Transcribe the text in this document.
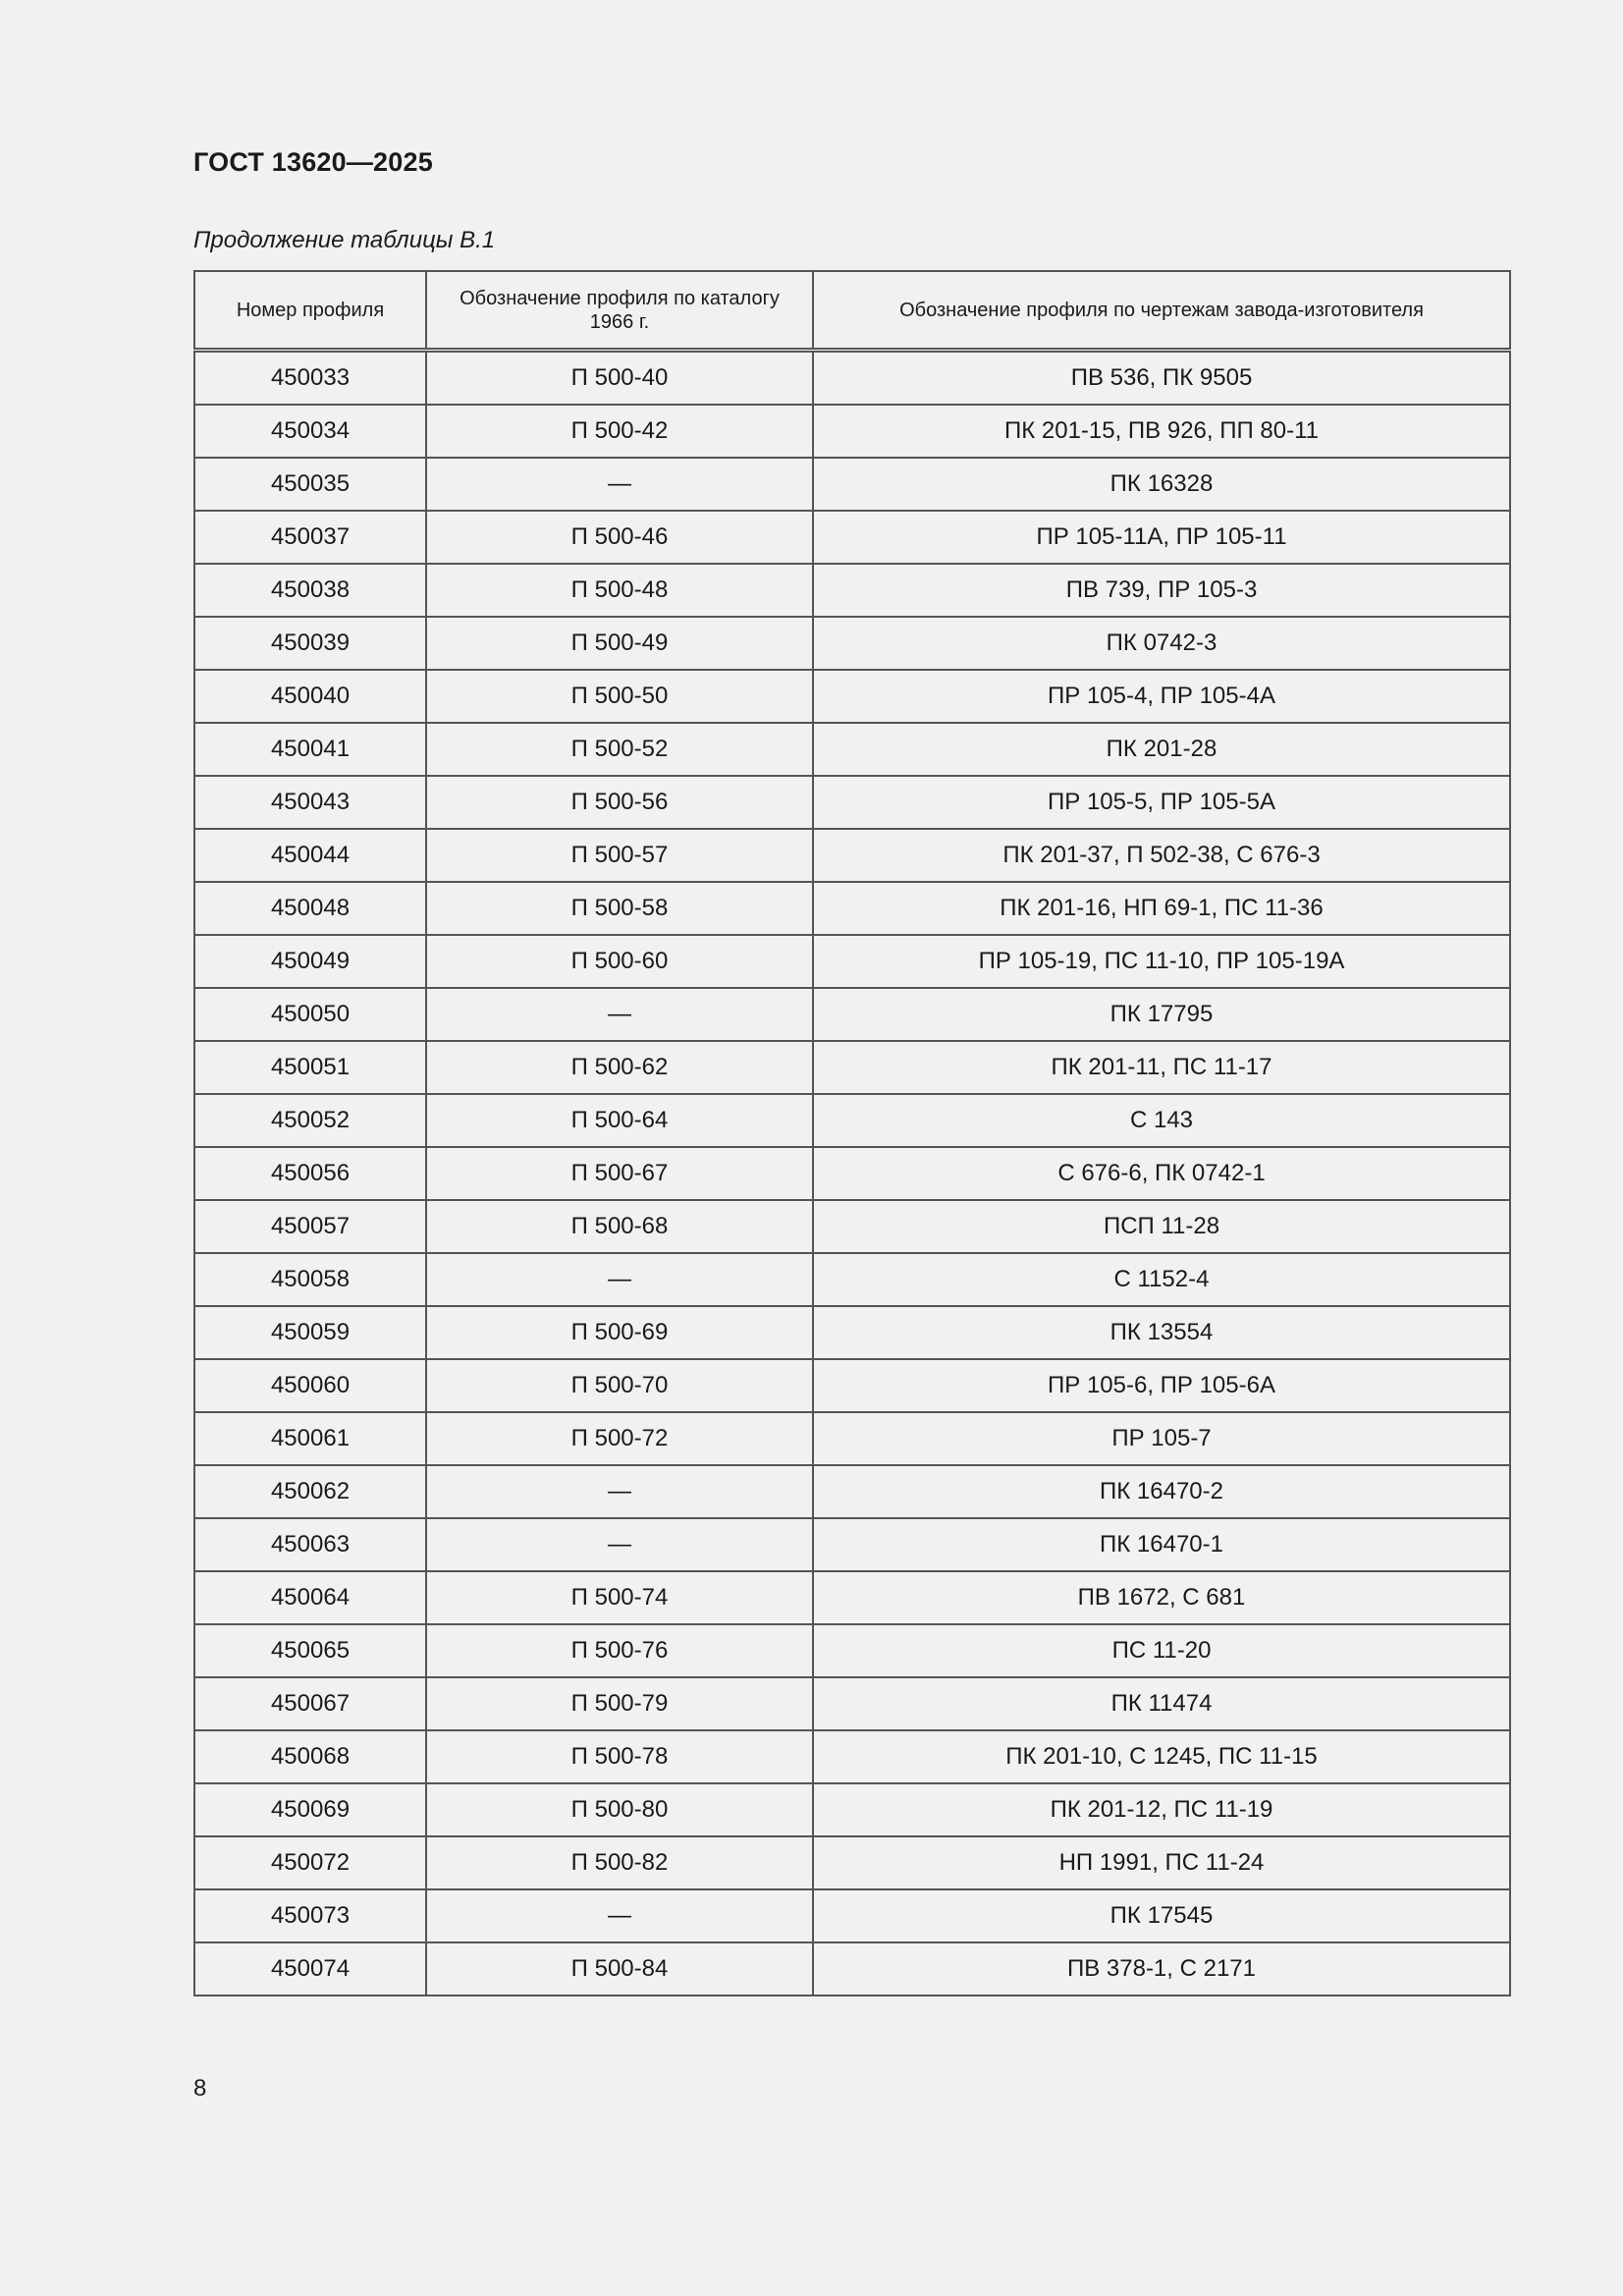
ГОСТ 13620—2025

Продолжение таблицы В.1

Номер профиля	Обозначение профиля по каталогу 1966 г.	Обозначение профиля по чертежам завода-изготовителя
450033	П 500-40	ПВ 536, ПК 9505
450034	П 500-42	ПК 201-15, ПВ 926, ПП 80-11
450035	—	ПК 16328
450037	П 500-46	ПР 105-11А, ПР 105-11
450038	П 500-48	ПВ 739, ПР 105-3
450039	П 500-49	ПК 0742-3
450040	П 500-50	ПР 105-4, ПР 105-4А
450041	П 500-52	ПК 201-28
450043	П 500-56	ПР 105-5, ПР 105-5А
450044	П 500-57	ПК 201-37, П 502-38, С 676-3
450048	П 500-58	ПК 201-16, НП 69-1, ПС 11-36
450049	П 500-60	ПР 105-19, ПС 11-10, ПР 105-19А
450050	—	ПК 17795
450051	П 500-62	ПК 201-11, ПС 11-17
450052	П 500-64	С 143
450056	П 500-67	С 676-6, ПК 0742-1
450057	П 500-68	ПСП 11-28
450058	—	С 1152-4
450059	П 500-69	ПК 13554
450060	П 500-70	ПР 105-6, ПР 105-6А
450061	П 500-72	ПР 105-7
450062	—	ПК 16470-2
450063	—	ПК 16470-1
450064	П 500-74	ПВ 1672, С 681
450065	П 500-76	ПС 11-20
450067	П 500-79	ПК 11474
450068	П 500-78	ПК 201-10, С 1245, ПС 11-15
450069	П 500-80	ПК 201-12, ПС 11-19
450072	П 500-82	НП 1991, ПС 11-24
450073	—	ПК 17545
450074	П 500-84	ПВ 378-1, С 2171

8
